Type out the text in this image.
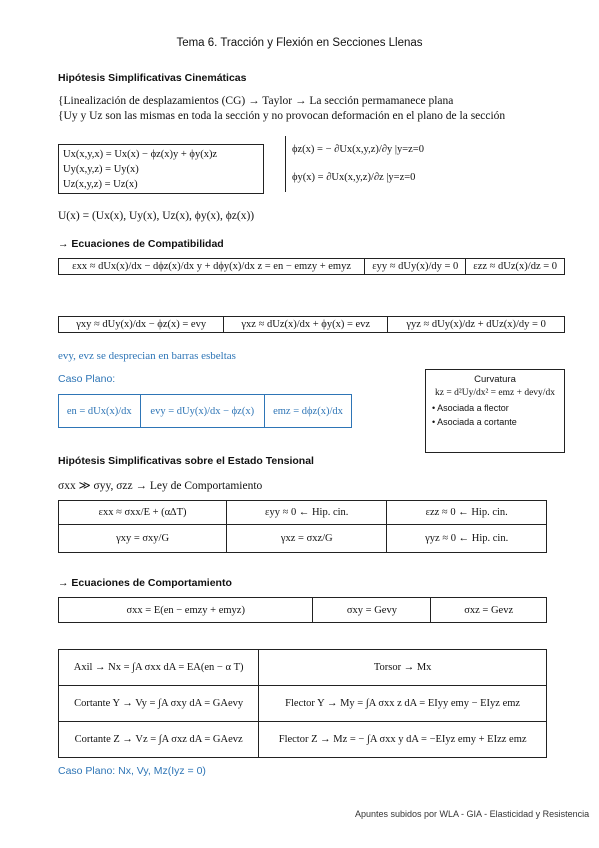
Tema 6. Tracción y Flexión en Secciones Llenas
Hipótesis Simplificativas Cinemáticas
{Linealización de desplazamientos (CG) → Taylor → La sección permamanece plana
{Uy y Uz son las mismas en toda la sección y no provocan deformación en el plano de la sección
Ux(x,y,x) = Ux(x) − ϕz(x)y + ϕy(x)z
Uy(x,y,z) = Uy(x)
Uz(x,y,z) = Uz(x)
ϕz(x) = − ∂Ux(x,y,z)/∂y |y=z=0
ϕy(x) = ∂Ux(x,y,z)/∂z |y=z=0
U(x) = (Ux(x), Uy(x), Uz(x), ϕy(x), ϕz(x))
→ Ecuaciones de Compatibilidad
εxx ≈ dUx(x)/dx − dϕz(x)/dx y + dϕy(x)/dx z = en − emzy + emyz	εyy ≈ dUy(x)/dy = 0	εzz ≈ dUz(x)/dz = 0
γxy ≈ dUy(x)/dx − ϕz(x) = evy	γxz ≈ dUz(x)/dx + ϕy(x) = evz	γyz ≈ dUy(x)/dz + dUz(x)/dy = 0
evy, evz se desprecian en barras esbeltas
Caso Plano:
en = dUx(x)/dx	evy = dUy(x)/dx − ϕz(x)	emz = dϕz(x)/dx
Curvatura
kz = d²Uy/dx² = emz + devy/dx
• Asociada a flector
• Asociada a cortante
Hipótesis Simplificativas sobre el Estado Tensional
σxx ≫ σyy, σzz → Ley de Comportamiento
εxx ≈ σxx/E + (α∆T)	εyy ≈ 0 ← Hip. cin.	εzz ≈ 0 ← Hip. cin.
γxy = σxy/G	γxz = σxz/G	γyz ≈ 0 ← Hip. cin.
→ Ecuaciones de Comportamiento
σxx = E(en − emzy + emyz)	σxy = Gevy	σxz = Gevz
Axil → Nx = ∫A σxx dA = EA(en − α T)	Torsor → Mx
Cortante Y → Vy = ∫A σxy dA = GAevy	Flector Y → My = ∫A σxx z dA = EIyy emy − EIyz emz
Cortante Z → Vz = ∫A σxz dA = GAevz	Flector Z → Mz = − ∫A σxx y dA = −EIyz emy + EIzz emz
Caso Plano: Nx, Vy, Mz(Iyz = 0)
Apuntes subidos por WLA - GIA - Elasticidad y Resistencia
